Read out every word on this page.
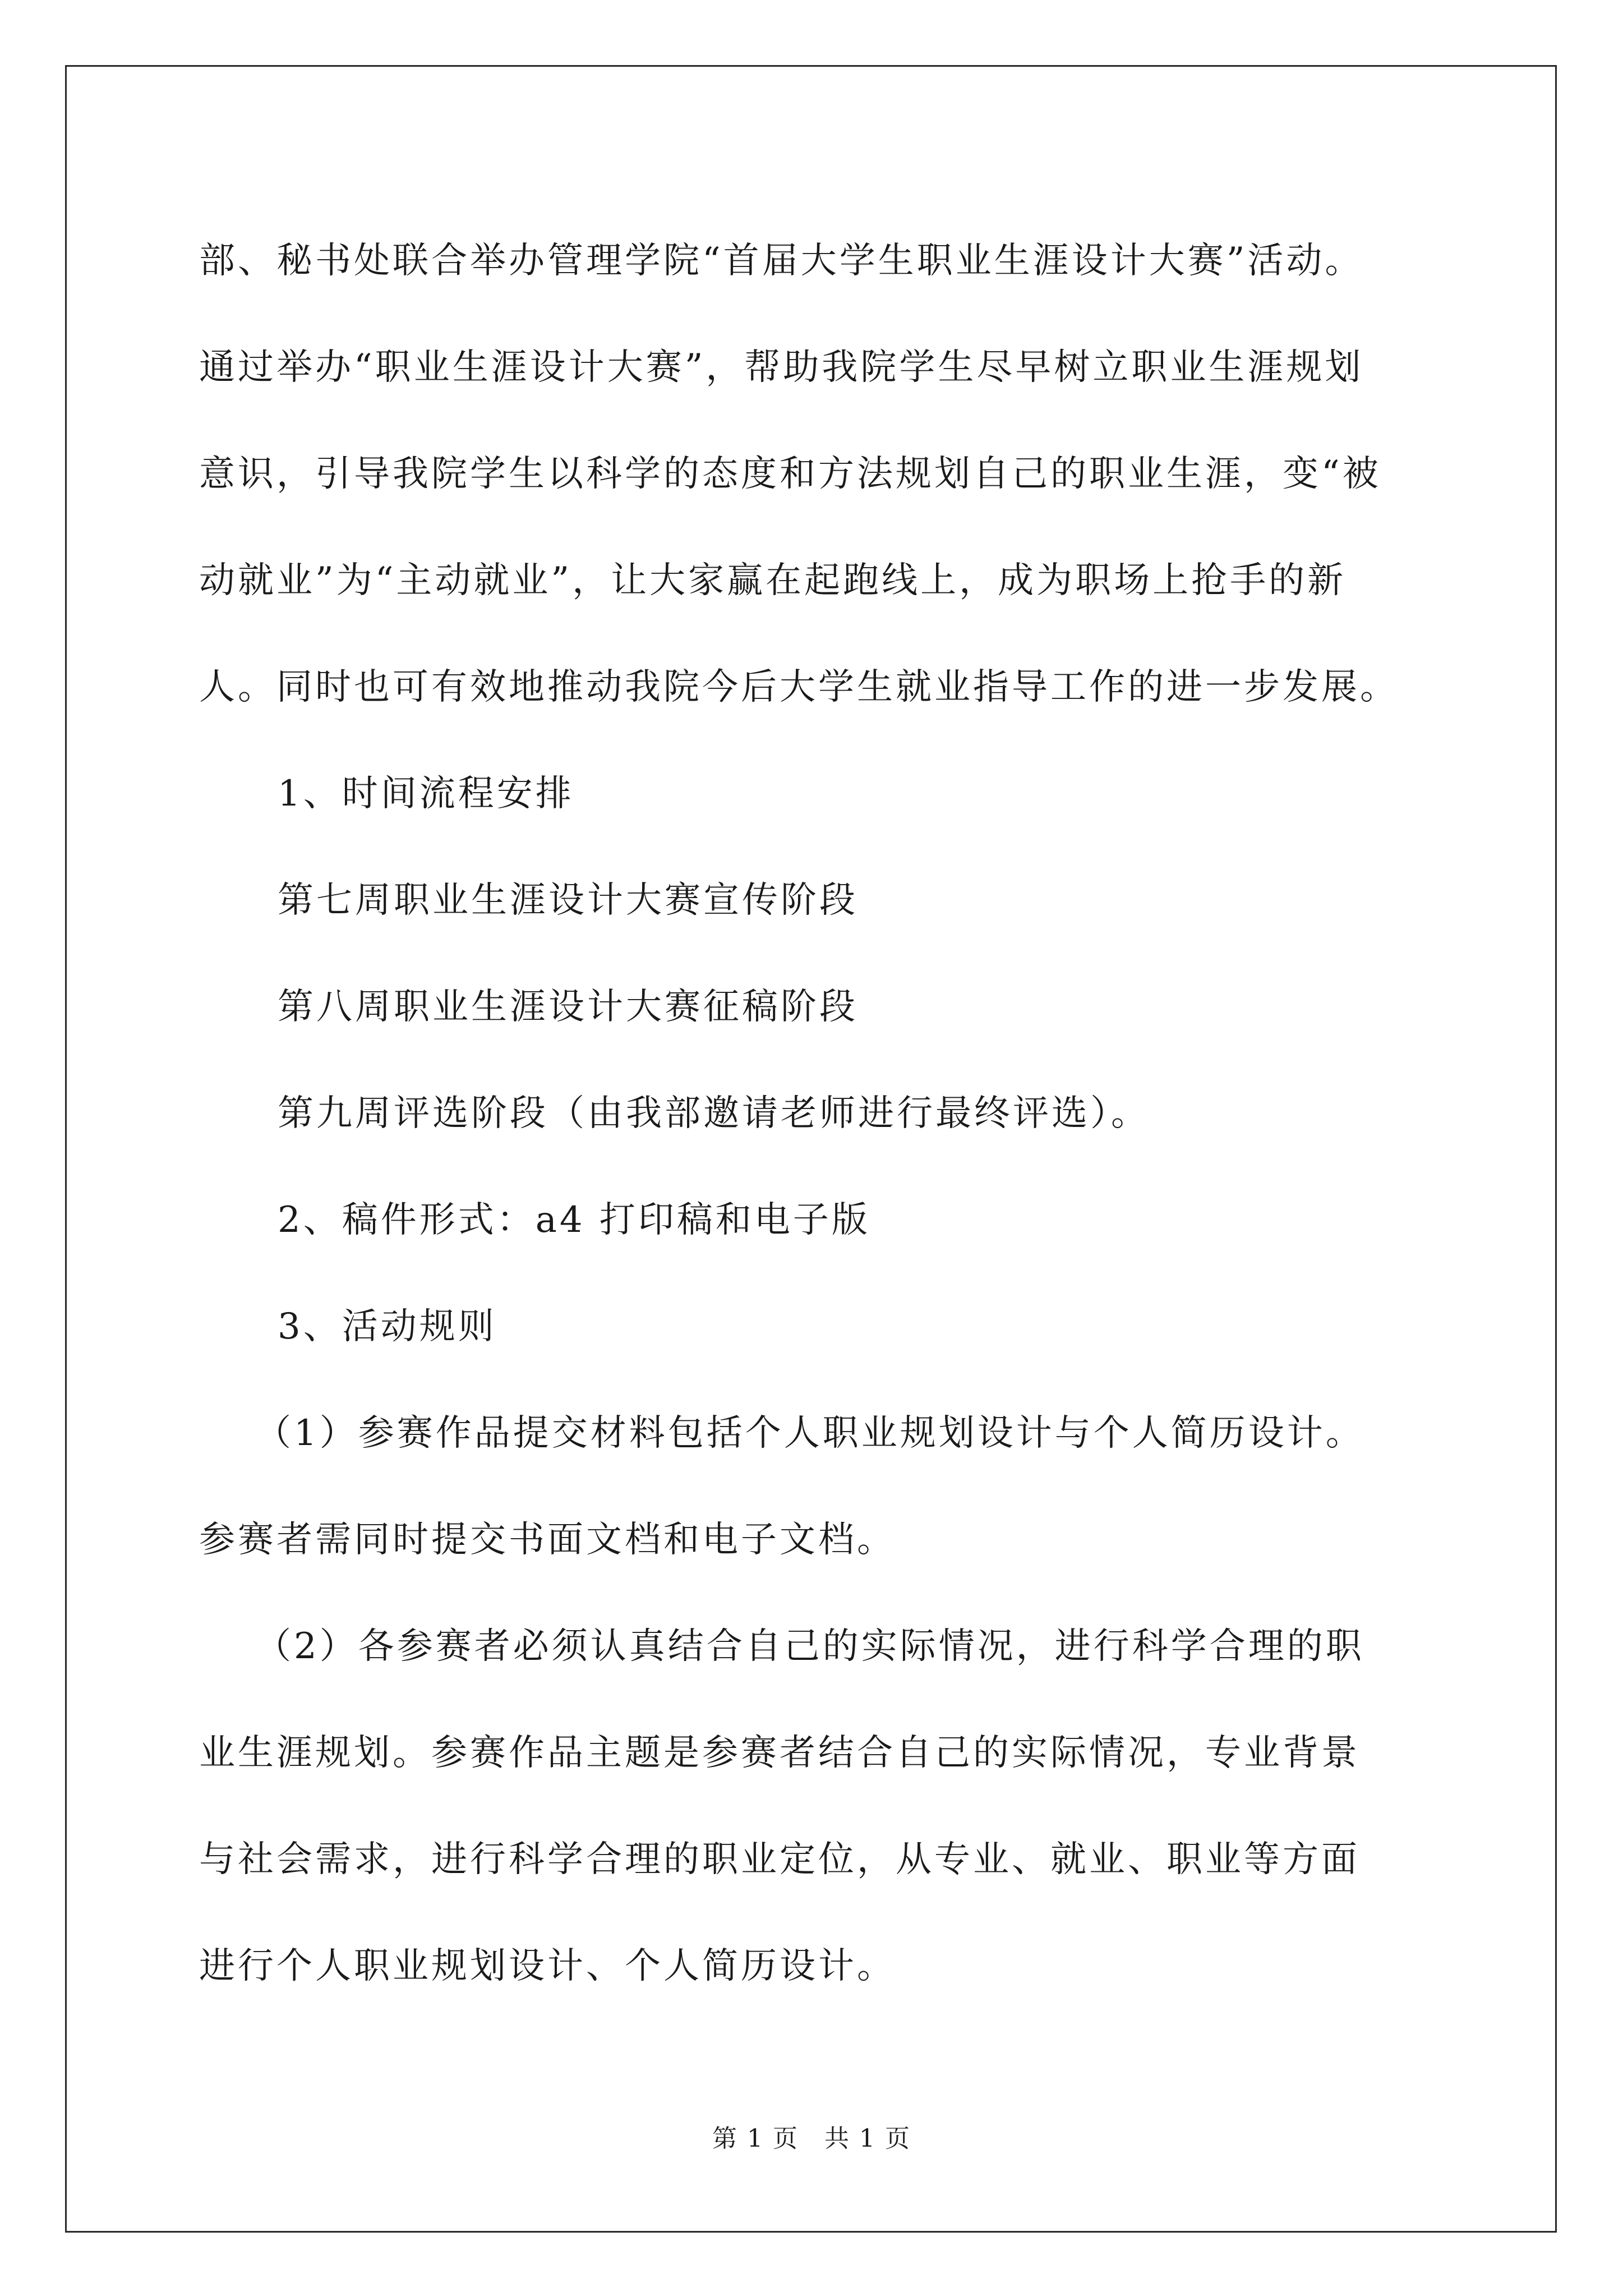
部、秘书处联合举办管理学院“首届大学生职业生涯设计大赛”活动。
通过举办“职业生涯设计大赛”，帮助我院学生尽早树立职业生涯规划
意识，引导我院学生以科学的态度和方法规划自己的职业生涯，变“被
动就业”为“主动就业”，让大家赢在起跑线上，成为职场上抢手的新
人。同时也可有效地推动我院今后大学生就业指导工作的进一步发展。
1、时间流程安排
第七周职业生涯设计大赛宣传阶段
第八周职业生涯设计大赛征稿阶段
第九周评选阶段（由我部邀请老师进行最终评选）。
2、稿件形式：a4 打印稿和电子版
3、活动规则
（1）参赛作品提交材料包括个人职业规划设计与个人简历设计。
参赛者需同时提交书面文档和电子文档。
（2）各参赛者必须认真结合自己的实际情况，进行科学合理的职
业生涯规划。参赛作品主题是参赛者结合自己的实际情况，专业背景
与社会需求，进行科学合理的职业定位，从专业、就业、职业等方面
进行个人职业规划设计、个人简历设计。
第 1 页　共 1 页
